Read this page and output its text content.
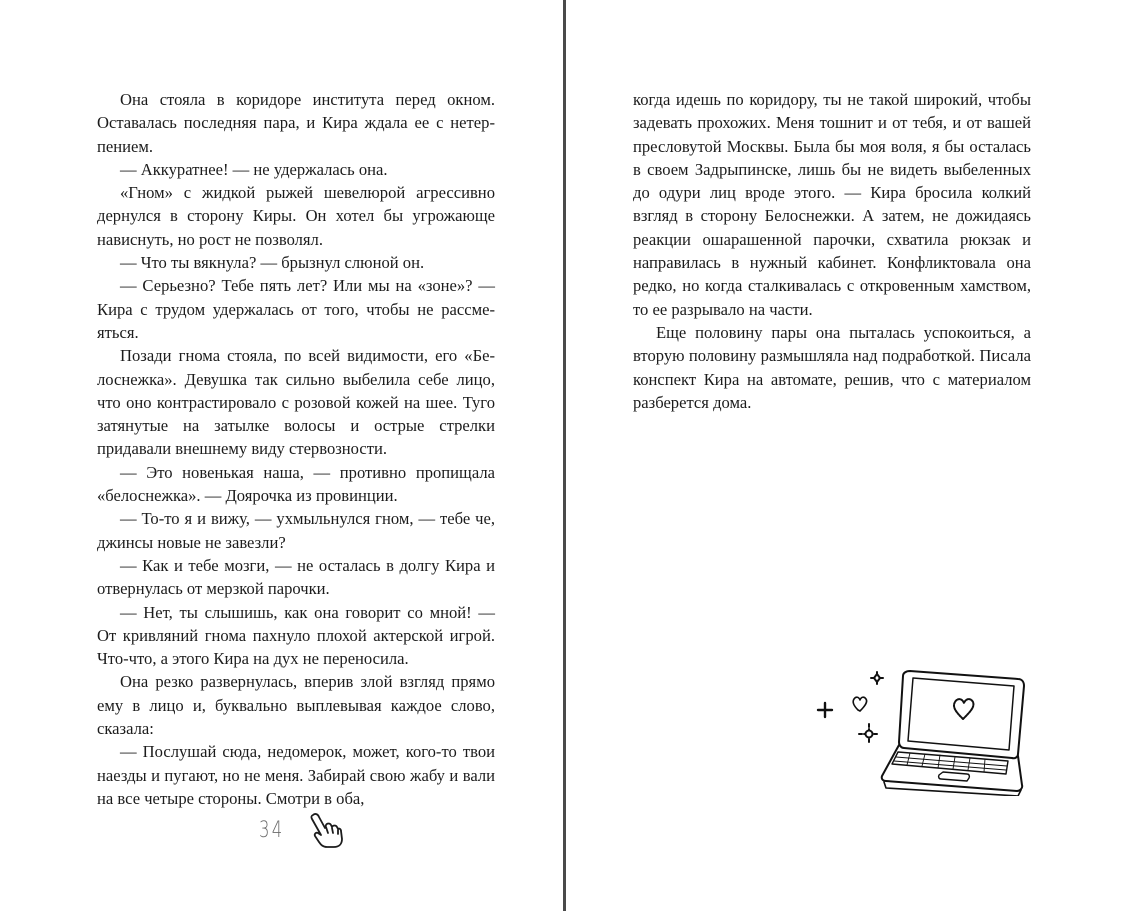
Она стояла в коридоре института перед окном. Оставалась последняя пара, и Кира ждала ее с нетерпением.

— Аккуратнее! — не удержалась она.

«Гном» с жидкой рыжей шевелюрой агрессивно дернулся в сторону Киры. Он хотел бы угрожающе нависнуть, но рост не позволял.

— Что ты вякнула? — брызнул слюной он.

— Серьезно? Тебе пять лет? Или мы на «зоне»? — Кира с трудом удержалась от того, чтобы не рассмеяться.

Позади гнома стояла, по всей видимости, его «Белоснежка». Девушка так сильно выбелила себе лицо, что оно контрастировало с розовой кожей на шее. Туго затянутые на затылке волосы и острые стрелки придавали внешнему виду стервозности.

— Это новенькая наша, — противно пропищала «белоснежка». — Доярочка из провинции.

— То-то я и вижу, — ухмыльнулся гном, — тебе че, джинсы новые не завезли?

— Как и тебе мозги, — не осталась в долгу Кира и отвернулась от мерзкой парочки.

— Нет, ты слышишь, как она говорит со мной! — От кривляний гнома пахнуло плохой актерской игрой. Что-что, а этого Кира на дух не переносила.

Она резко развернулась, вперив злой взгляд прямо ему в лицо и, буквально выплевывая каждое слово, сказала:

— Послушай сюда, недомерок, может, кого-то твои наезды и пугают, но не меня. Забирай свою жабу и вали на все четыре стороны. Смотри в оба,

34

когда идешь по коридору, ты не такой широкий, чтобы задевать прохожих. Меня тошнит и от тебя, и от вашей пресловутой Москвы. Была бы моя воля, я бы осталась в своем Задрыпинске, лишь бы не видеть выбеленных до одури лиц вроде этого. — Кира бросила колкий взгляд в сторону Белоснежки. А затем, не дожидаясь реакции ошарашенной парочки, схватила рюкзак и направилась в нужный кабинет. Конфликтовала она редко, но когда сталкивалась с откровенным хамством, то ее разрывало на части.

Еще половину пары она пыталась успокоиться, а вторую половину размышляла над подработкой. Писала конспект Кира на автомате, решив, что с материалом разберется дома.
